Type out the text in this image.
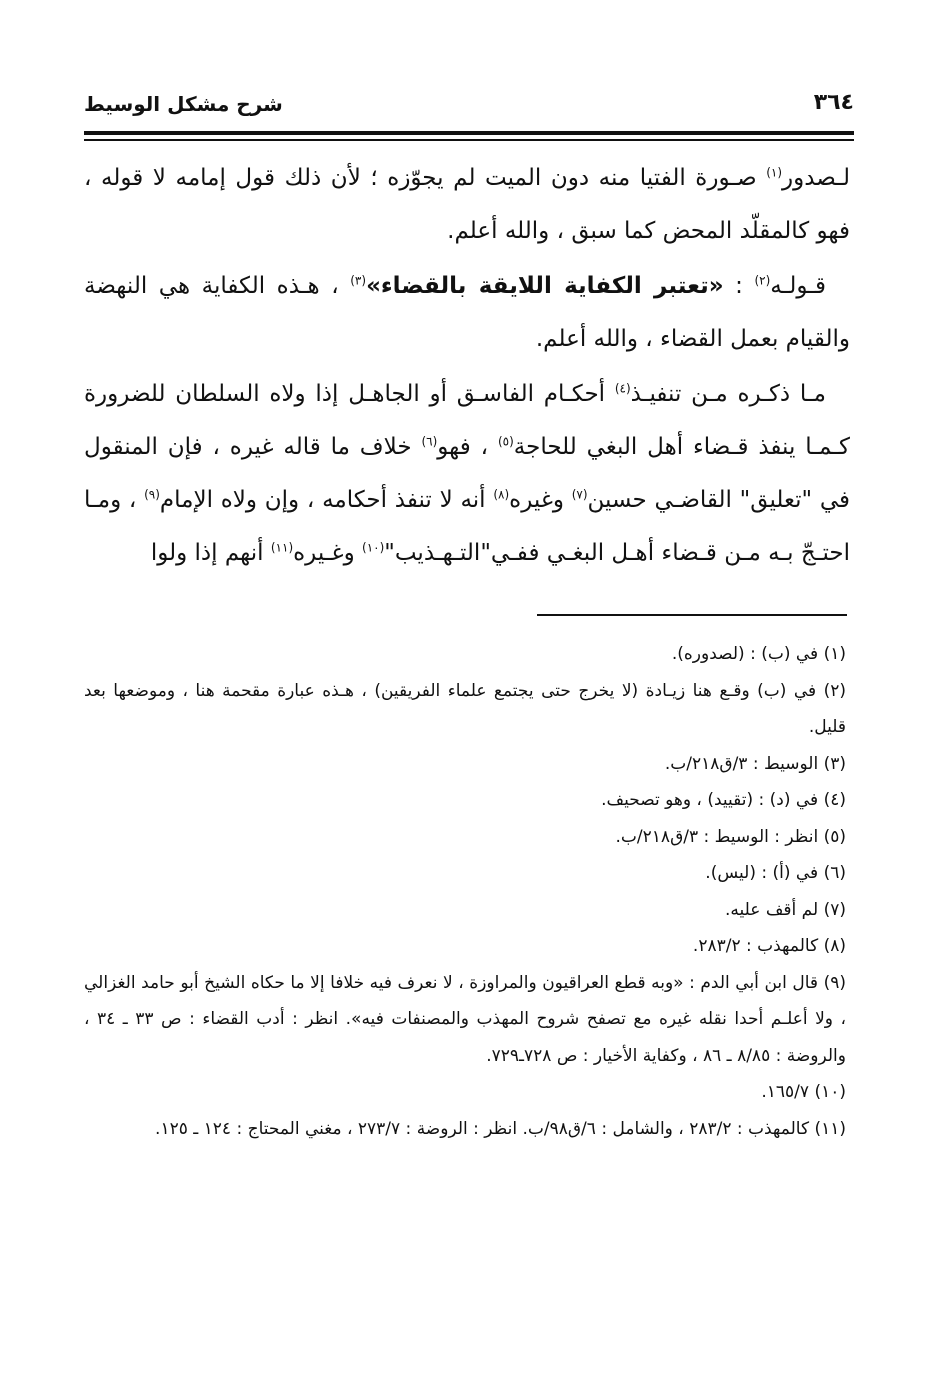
شرح مشكل الوسيط	٣٦٤

لـصدور$^{(١)}$ صـورة الفتيا منه دون الميت لم يجوّزه ؛ لأن ذلك قول إمامه لا قوله ، فهو كالمقلّد المحض كما سبق ، والله أعلم.

قـولـه$^{(٢)}$ : «تعتبر الكفاية اللايقة بالقضاء»$^{(٣)}$ ، هـذه الكفاية هي النهضة والقيام بعمل القضاء ، والله أعلم.

مـا ذكـره مـن تنفيـذ$^{(٤)}$ أحكـام الفاسـق أو الجاهـل إذا ولاه السلطان للضرورة كـمـا ينفذ قـضاء أهل البغي للحاجة$^{(٥)}$ ، فهو$^{(٦)}$ خلاف ما قاله غيره ، فإن المنقول في "تعليق" القاضـي حسين$^{(٧)}$ وغيره$^{(٨)}$ أنه لا تنفذ أحكامه ، وإن ولاه الإمام$^{(٩)}$ ، ومـا احتـجّ بـه مـن قـضاء أهـل البغـي ففـي"التـهـذيب"$^{(١٠)}$ وغـيره$^{(١١)}$ أنهم إذا ولوا

(١) في (ب) : (لصدوره).

(٢) في (ب) وقـع هنا زيـادة (لا يخرج حتى يجتمع علماء الفريقين) ، هـذه عبارة مقحمة هنا ، وموضعها بعد قليل.

(٣) الوسيط : ٣/ق٢١٨/ب.

(٤) في (د) : (تقييد) ، وهو تصحيف.

(٥) انظر : الوسيط : ٣/ق٢١٨/ب.

(٦) في (أ) : (ليس).

(٧) لم أقف عليه.

(٨) كالمهذب : ٢٨٣/٢.

(٩) قال ابن أبي الدم : «وبه قطع العراقيون والمراوزة ، لا نعرف فيه خلافا إلا ما حكاه الشيخ أبو حامد الغزالي ، ولا أعلـم أحدا نقله غيره مع تصفح شروح المهذب والمصنفات فيه». انظر : أدب القضاء : ص ٣٣ ـ ٣٤ ، والروضة : ٨/٨٥ ـ ٨٦ ، وكفاية الأخيار : ص ٧٢٨ـ٧٢٩.

(١٠) ١٦٥/٧.

(١١) كالمهذب : ٢٨٣/٢ ، والشامل : ٦/ق٩٨/ب. انظر : الروضة : ٢٧٣/٧ ، مغني المحتاج : ١٢٤ ـ ١٢٥.
